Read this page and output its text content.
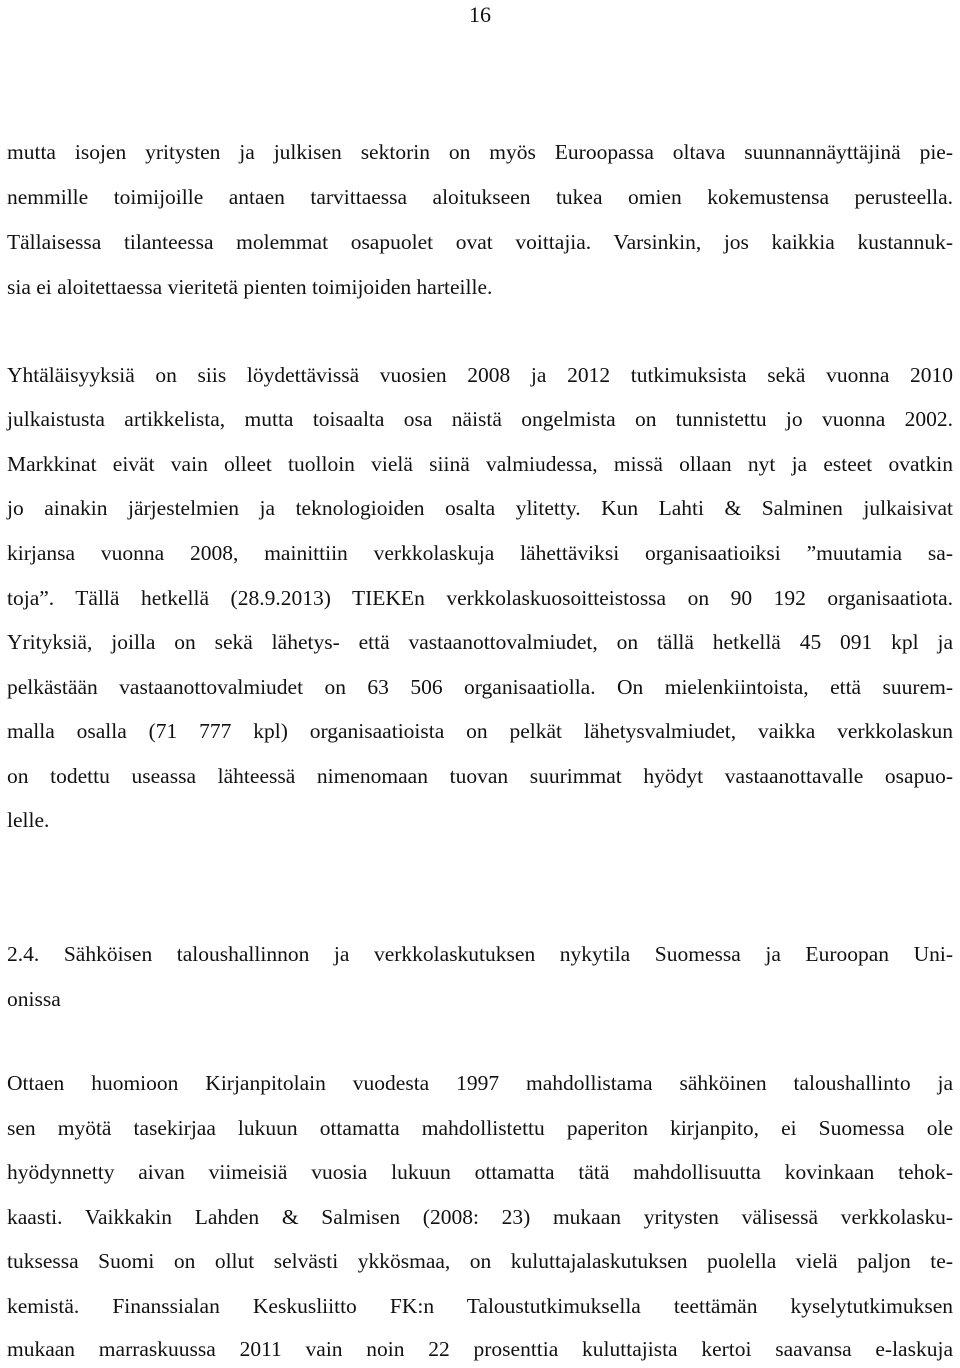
16
mutta isojen yritysten ja julkisen sektorin on myös Euroopassa oltava suunnannäyttäjinä pie-
nemmille toimijoille antaen tarvittaessa aloitukseen tukea omien kokemustensa perusteella.
Tällaisessa tilanteessa molemmat osapuolet ovat voittajia. Varsinkin, jos kaikkia kustannuk-
sia ei aloitettaessa vieritetä pienten toimijoiden harteille.
Yhtäläisyyksiä on siis löydettävissä vuosien 2008 ja 2012 tutkimuksista sekä vuonna 2010
julkaistusta artikkelista, mutta toisaalta osa näistä ongelmista on tunnistettu jo vuonna 2002.
Markkinat eivät vain olleet tuolloin vielä siinä valmiudessa, missä ollaan nyt ja esteet ovatkin
jo ainakin järjestelmien ja teknologioiden osalta ylitetty. Kun Lahti & Salminen julkaisivat
kirjansa vuonna 2008, mainittiin verkkolaskuja lähettäviksi organisaatioiksi ”muutamia sa-
toja”. Tällä hetkellä (28.9.2013) TIEKEn verkkolaskuosoitteistossa on 90 192 organisaatiota.
Yrityksiä, joilla on sekä lähetys- että vastaanottovalmiudet, on tällä hetkellä 45 091 kpl ja
pelkästään vastaanottovalmiudet on 63 506 organisaatiolla. On mielenkiintoista, että suurem-
malla osalla (71 777 kpl) organisaatioista on pelkät lähetysvalmiudet, vaikka verkkolaskun
on todettu useassa lähteessä nimenomaan tuovan suurimmat hyödyt vastaanottavalle osapuo-
lelle.
2.4. Sähköisen taloushallinnon ja verkkolaskutuksen nykytila Suomessa ja Euroopan Uni-
onissa
Ottaen huomioon Kirjanpitolain vuodesta 1997 mahdollistama sähköinen taloushallinto ja
sen myötä tasekirjaa lukuun ottamatta mahdollistettu paperiton kirjanpito, ei Suomessa ole
hyödynnetty aivan viimeisiä vuosia lukuun ottamatta tätä mahdollisuutta kovinkaan tehok-
kaasti. Vaikkakin Lahden & Salmisen (2008: 23) mukaan yritysten välisessä verkkolasku-
tuksessa Suomi on ollut selvästi ykkösmaa, on kuluttajalaskutuksen puolella vielä paljon te-
kemistä. Finanssialan Keskusliitto FK:n Taloustutkimuksella teettämän kyselytutkimuksen
mukaan marraskuussa 2011 vain noin 22 prosenttia kuluttajista kertoi saavansa e-laskuja
